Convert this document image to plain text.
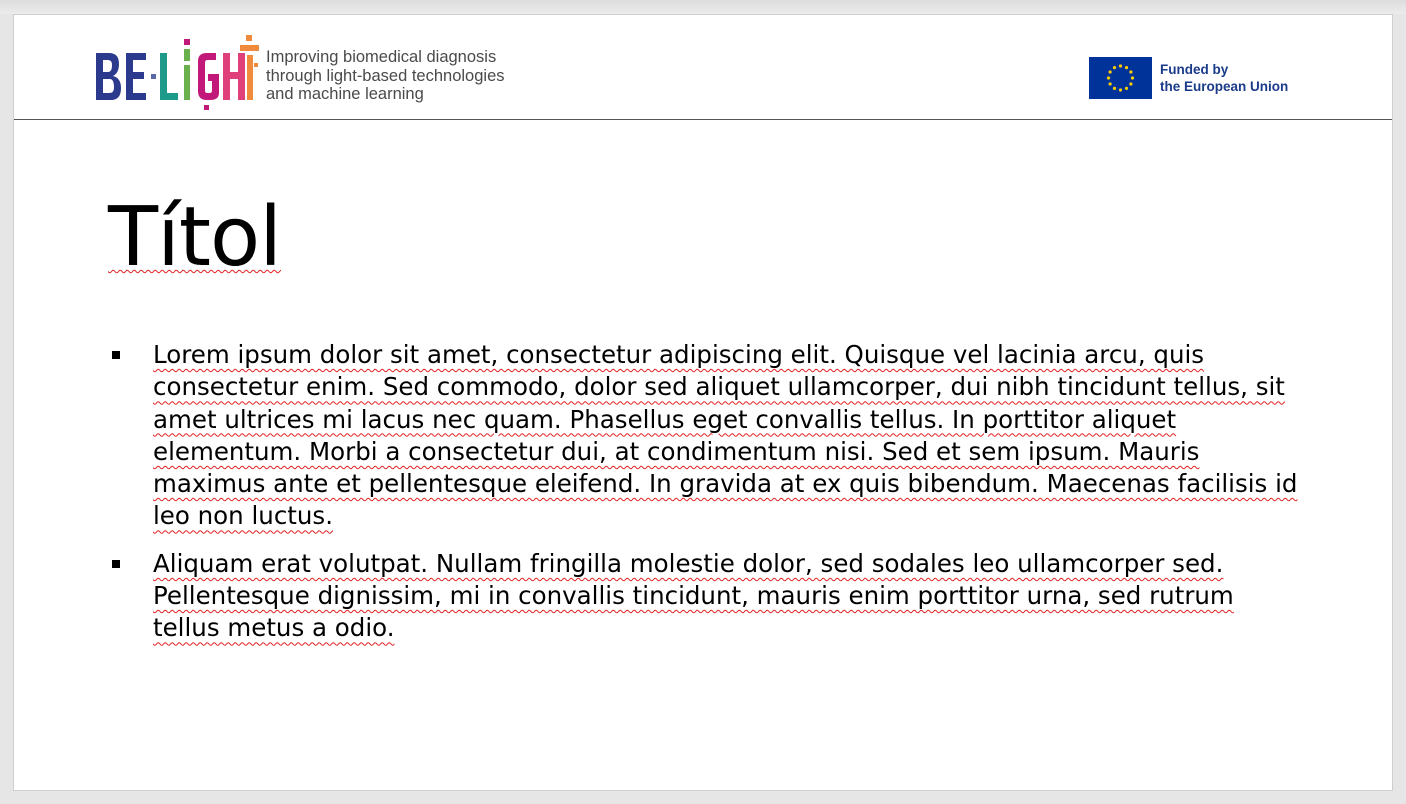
Improving biomedical diagnosis
through light-based technologies
and machine learning
Funded by
the European Union
Títol
Lorem ipsum dolor sit amet, consectetur adipiscing elit. Quisque vel lacinia arcu, quis consectetur enim. Sed commodo, dolor sed aliquet ullamcorper, dui nibh tincidunt tellus, sit amet ultrices mi lacus nec quam. Phasellus eget convallis tellus. In porttitor aliquet elementum. Morbi a consectetur dui, at condimentum nisi. Sed et sem ipsum. Mauris maximus ante et pellentesque eleifend. In gravida at ex quis bibendum. Maecenas facilisis id leo non luctus.
Aliquam erat volutpat. Nullam fringilla molestie dolor, sed sodales leo ullamcorper sed. Pellentesque dignissim, mi in convallis tincidunt, mauris enim porttitor urna, sed rutrum tellus metus a odio.
